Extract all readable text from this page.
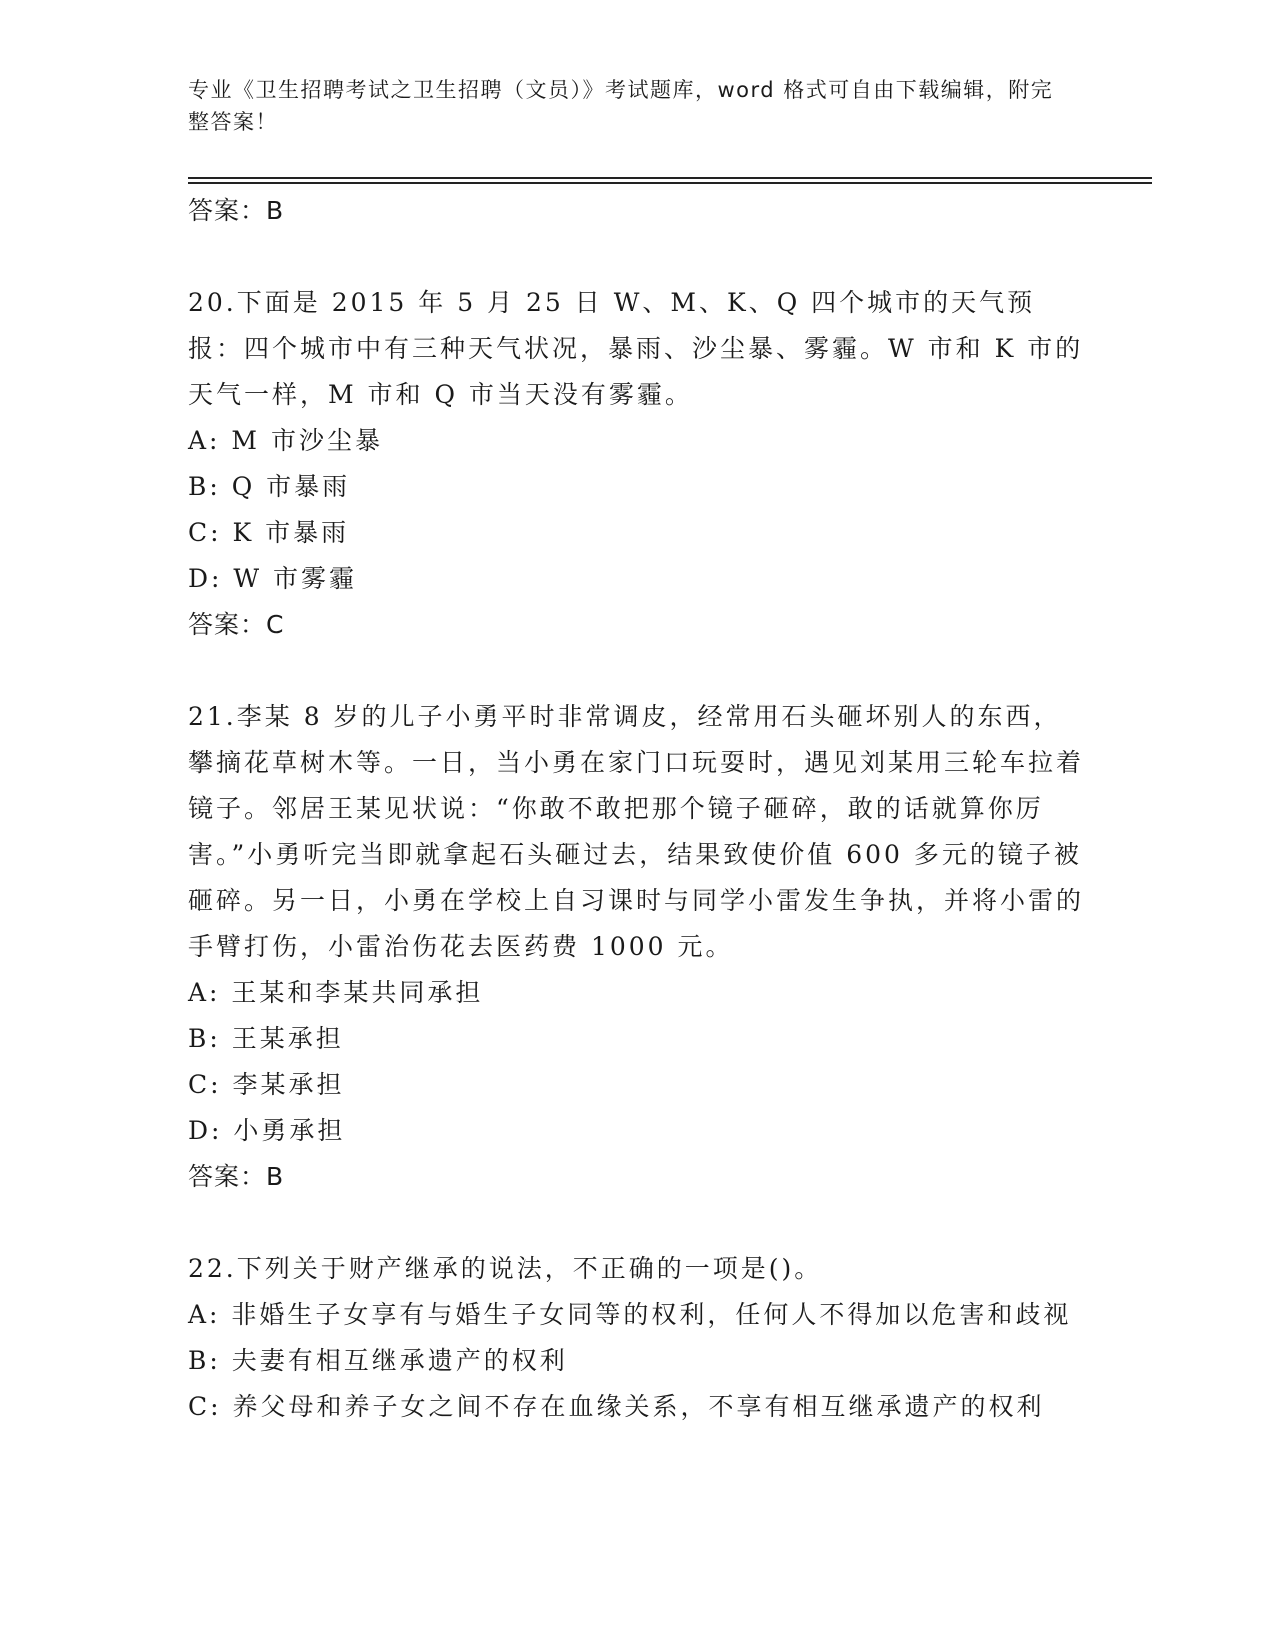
专业《卫生招聘考试之卫生招聘（文员）》考试题库，word 格式可自由下载编辑，附完整答案！
答案：B
20.下面是 2015 年 5 月 25 日 W、M、K、Q 四个城市的天气预报：四个城市中有三种天气状况，暴雨、沙尘暴、雾霾。W 市和 K 市的天气一样，M 市和 Q 市当天没有雾霾。
A: M 市沙尘暴
B: Q 市暴雨
C: K 市暴雨
D: W 市雾霾
答案：C
21.李某 8 岁的儿子小勇平时非常调皮，经常用石头砸坏别人的东西，攀摘花草树木等。一日，当小勇在家门口玩耍时，遇见刘某用三轮车拉着镜子。邻居王某见状说：“你敢不敢把那个镜子砸碎，敢的话就算你厉害。”小勇听完当即就拿起石头砸过去，结果致使价值 600 多元的镜子被砸碎。另一日，小勇在学校上自习课时与同学小雷发生争执，并将小雷的手臂打伤，小雷治伤花去医药费 1000 元。
A: 王某和李某共同承担
B: 王某承担
C: 李某承担
D: 小勇承担
答案：B
22.下列关于财产继承的说法，不正确的一项是()。
A: 非婚生子女享有与婚生子女同等的权利，任何人不得加以危害和歧视
B: 夫妻有相互继承遗产的权利
C: 养父母和养子女之间不存在血缘关系，不享有相互继承遗产的权利
